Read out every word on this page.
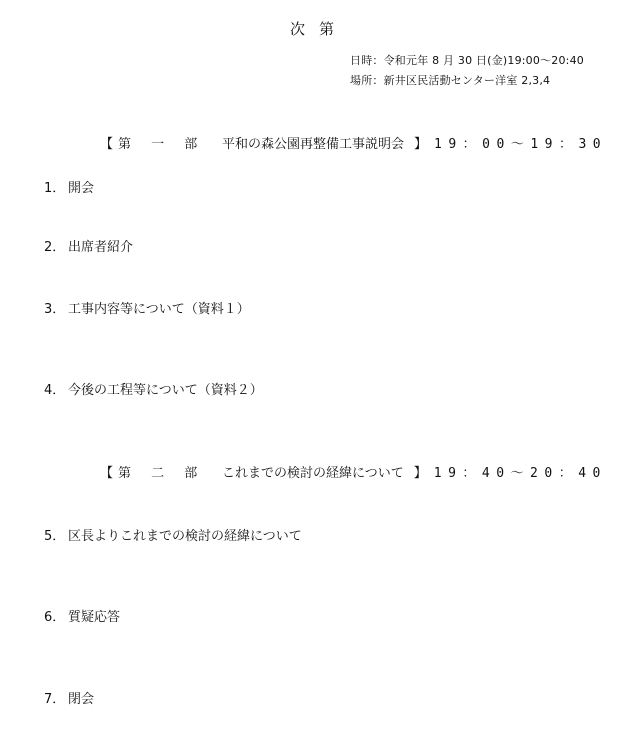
次第
日時：令和元年 8 月 30 日(金)19:00～20:40
場所：新井区民活動センター洋室 2,3,4
【 第 一 部 平和の森公園再整備工事説明会 】 19：00～19：30
1． 開会
2． 出席者紹介
3． 工事内容等について（資料１）
4． 今後の工程等について（資料２）
【 第 二 部 これまでの検討の経緯について 】 19：40～20：40
5． 区長よりこれまでの検討の経緯について
6． 質疑応答
7． 閉会
